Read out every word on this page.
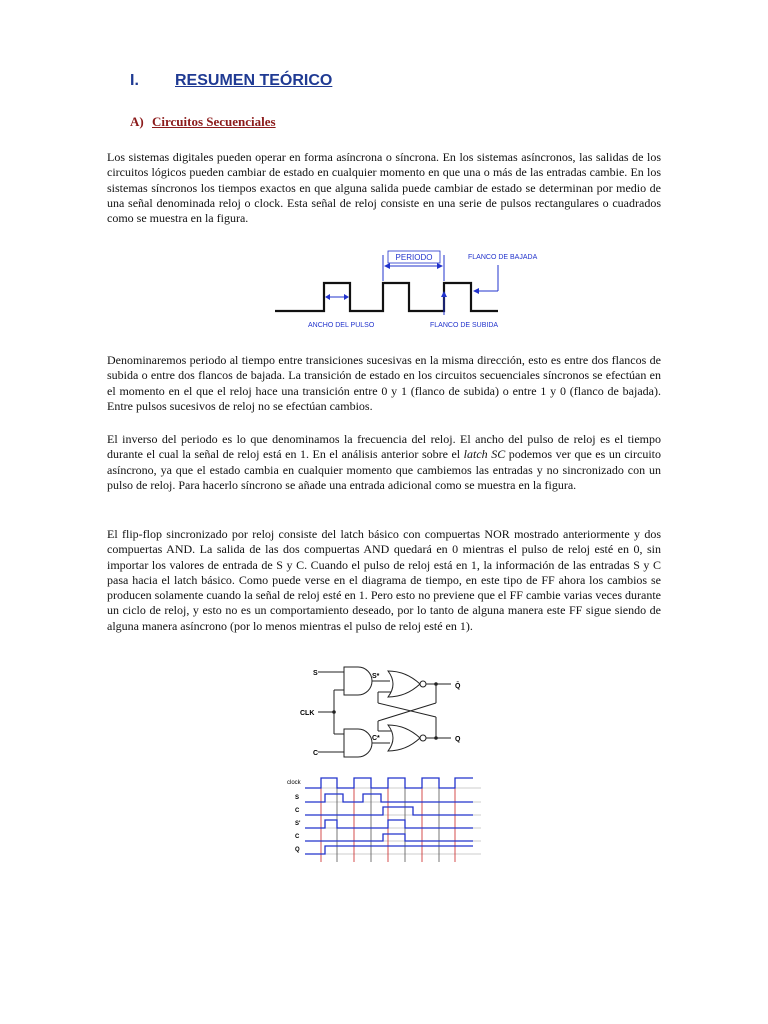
I. RESUMEN TEÓRICO
A) Circuitos Secuenciales
Los sistemas digitales pueden operar en forma asíncrona o síncrona. En los sistemas asíncronos, las salidas de los circuitos lógicos pueden cambiar de estado en cualquier momento en que una o más de las entradas cambie. En los sistemas síncronos los tiempos exactos en que alguna salida puede cambiar de estado se determinan por medio de una señal denominada reloj o clock. Esta señal de reloj consiste en una serie de pulsos rectangulares o cuadrados como se muestra en la figura.
PERIODO	FLANCO DE BAJADA
ANCHO DEL PULSO	FLANCO DE SUBIDA
Denominaremos periodo al tiempo entre transiciones sucesivas en la misma dirección, esto es entre dos flancos de subida o entre dos flancos de bajada. La transición de estado en los circuitos secuenciales síncronos se efectúan en el momento en el que el reloj hace una transición entre 0 y 1 (flanco de subida) o entre 1 y 0 (flanco de bajada). Entre pulsos sucesivos de reloj no se efectúan cambios.
El inverso del periodo es lo que denominamos la frecuencia del reloj. El ancho del pulso de reloj es el tiempo durante el cual la señal de reloj está en 1. En el análisis anterior sobre el latch SC podemos ver que es un circuito asíncrono, ya que el estado cambia en cualquier momento que cambiemos las entradas y no sincronizado con un pulso de reloj. Para hacerlo síncrono se añade una entrada adicional como se muestra en la figura.
El flip-flop sincronizado por reloj consiste del latch básico con compuertas NOR mostrado anteriormente y dos compuertas AND. La salida de las dos compuertas AND quedará en 0 mientras el pulso de reloj esté en 0, sin importar los valores de entrada de S y C. Cuando el pulso de reloj está en 1, la información de las entradas S y C pasa hacia el latch básico. Como puede verse en el diagrama de tiempo, en este tipo de FF ahora los cambios se producen solamente cuando la señal de reloj esté en 1. Pero esto no previene que el FF cambie varias veces durante un ciclo de reloj, y esto no es un comportamiento deseado, por lo tanto de alguna manera este FF sigue siendo de alguna manera asíncrono (por lo menos mientras el pulso de reloj esté en 1).
S	S*
CLK
C
C*
Q̄
Q
clock
S
C
S'
C
Q
